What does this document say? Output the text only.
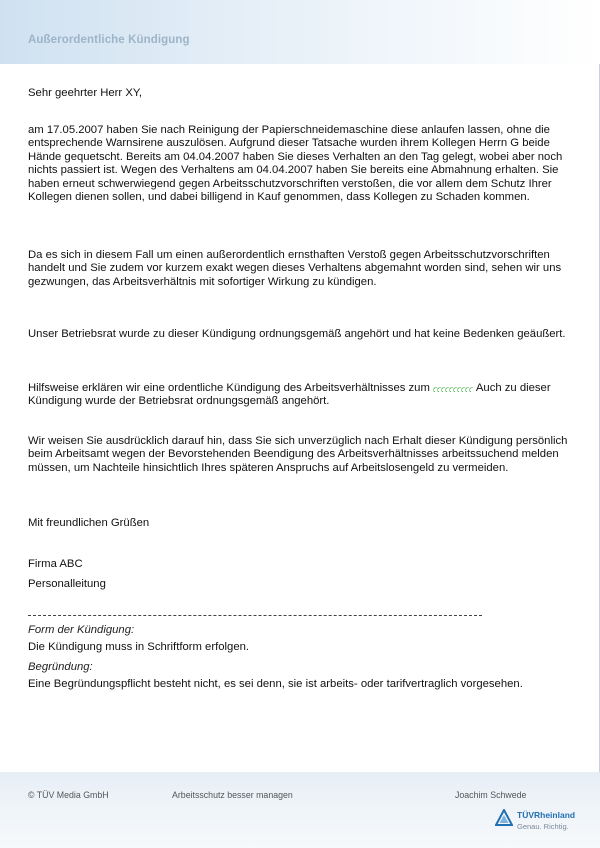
Außerordentliche Kündigung
Sehr geehrter Herr XY,

am 17.05.2007 haben Sie nach Reinigung der Papierschneidemaschine diese anlaufen lassen, ohne die entsprechende Warnsirene auszulösen. Aufgrund dieser Tatsache wurden ihrem Kollegen Herrn G beide Hände gequetscht. Bereits am 04.04.2007 haben Sie dieses Verhalten an den Tag gelegt, wobei aber noch nichts passiert ist. Wegen des Verhaltens am 04.04.2007 haben Sie bereits eine Abmahnung erhalten. Sie haben erneut schwerwiegend gegen Arbeitsschutzvorschriften verstoßen, die vor allem dem Schutz Ihrer Kollegen dienen sollen, und dabei billigend in Kauf genommen, dass Kollegen zu Schaden kommen.

Da es sich in diesem Fall um einen außerordentlich ernsthaften Verstoß gegen Arbeitsschutzvorschriften handelt und Sie zudem vor kurzem exakt wegen dieses Verhaltens abgemahnt worden sind, sehen wir uns gezwungen, das Arbeitsverhältnis mit sofortiger Wirkung zu kündigen.

Unser Betriebsrat wurde zu dieser Kündigung ordnungsgemäß angehört und hat keine Bedenken geäußert.

Hilfsweise erklären wir eine ordentliche Kündigung des Arbeitsverhältnisses zum	Auch zu dieser Kündigung wurde der Betriebsrat ordnungsgemäß angehört.

Wir weisen Sie ausdrücklich darauf hin, dass Sie sich unverzüglich nach Erhalt dieser Kündigung persönlich beim Arbeitsamt wegen der Bevorstehenden Beendigung des Arbeitsverhältnisses arbeitssuchend melden müssen, um Nachteile hinsichtlich Ihres späteren Anspruchs auf Arbeitslosengeld zu vermeiden.

Mit freundlichen Grüßen
Firma ABC
Personalleitung
Form der Kündigung:
Die Kündigung muss in Schriftform erfolgen.
Begründung:
Eine Begründungspflicht besteht nicht, es sei denn, sie ist arbeits- oder tarifvertraglich vorgesehen.
© TÜV Media GmbH	Arbeitsschutz besser managen	Joachim Schwede
TÜVRheinland
Genau. Richtig.
